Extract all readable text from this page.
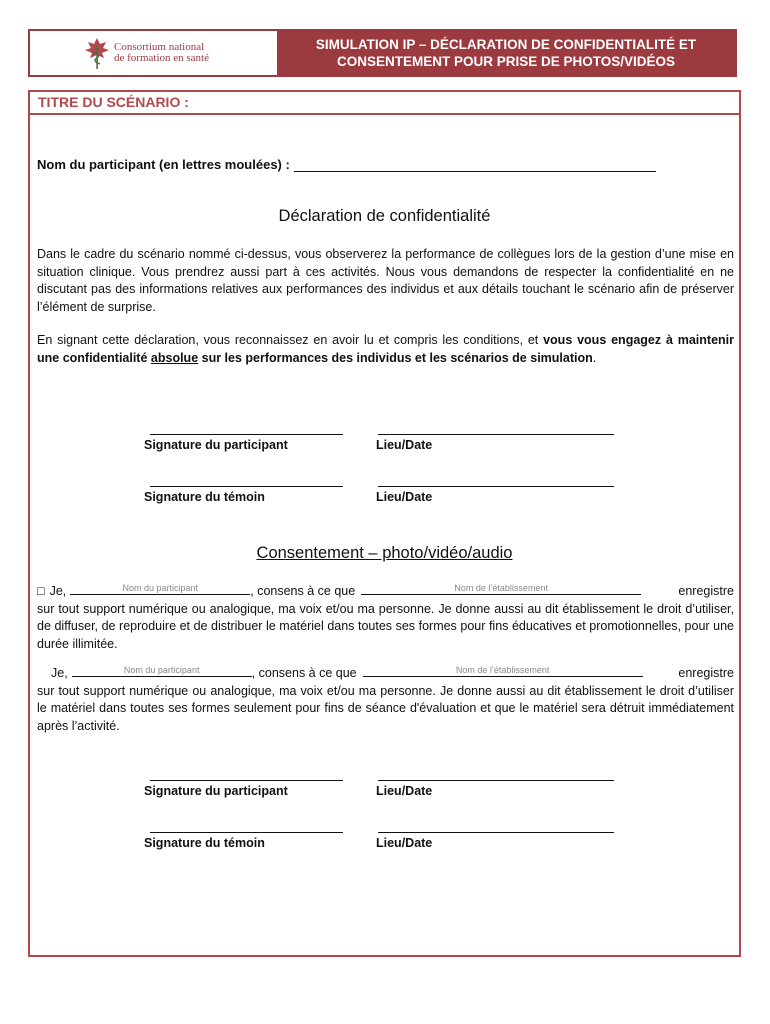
Consortium national
de formation en santé
SIMULATION IP – DÉCLARATION DE CONFIDENTIALITÉ ET
CONSENTEMENT POUR PRISE DE PHOTOS/VIDÉOS
TITRE DU SCÉNARIO :
Nom du participant (en lettres moulées) :
Déclaration de confidentialité
Dans le cadre du scénario nommé ci-dessus, vous observerez la performance de collègues lors de la gestion d’une mise en situation clinique. Vous prendrez aussi part à ces activités. Nous vous demandons de respecter la confidentialité en ne discutant pas des informations relatives aux performances des individus et aux détails touchant le scénario afin de préserver l’élément de surprise.
En signant cette déclaration, vous reconnaissez en avoir lu et compris les conditions, et vous vous engagez à maintenir une confidentialité absolue sur les performances des individus et les scénarios de simulation.
Signature du participant	Lieu/Date
Signature du témoin	Lieu/Date
Consentement – photo/vidéo/audio
□ Je,	Nom du participant	, consens à ce que	Nom de l’établissement	enregistre
sur tout support numérique ou analogique, ma voix et/ou ma personne. Je donne aussi au dit établissement le droit d’utiliser, de diffuser, de reproduire et de distribuer le matériel dans toutes ses formes pour fins éducatives et promotionnelles, pour une durée illimitée.
Je,	Nom du participant	, consens à ce que	Nom de l’établissement	enregistre
sur tout support numérique ou analogique, ma voix et/ou ma personne. Je donne aussi au dit établissement le droit d’utiliser le matériel dans toutes ses formes seulement pour fins de séance d'évaluation et que le matériel sera détruit immédiatement après l’activité.
Signature du participant	Lieu/Date
Signature du témoin	Lieu/Date
